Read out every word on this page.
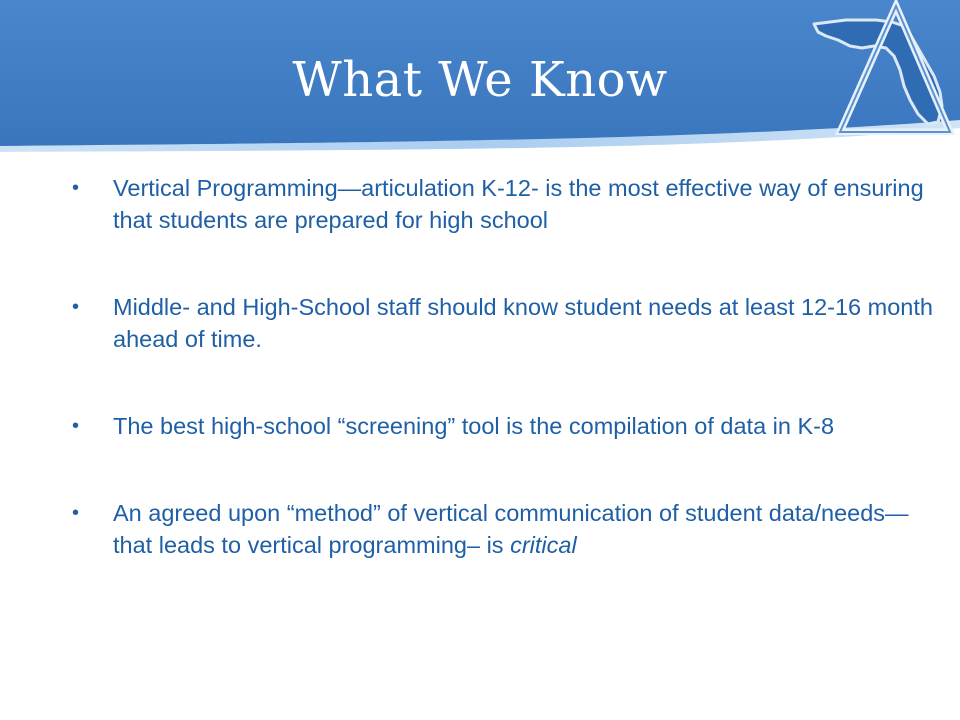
What We Know
• Vertical Programming—articulation K-12- is the most effective way of ensuring that students are prepared for high school
• Middle- and High-School staff should know student needs at least 12-16 month ahead of time.
• The best high-school “screening” tool is the compilation of data in K-8
• An agreed upon “method” of vertical communication of student data/needs—that leads to vertical programming– is critical
